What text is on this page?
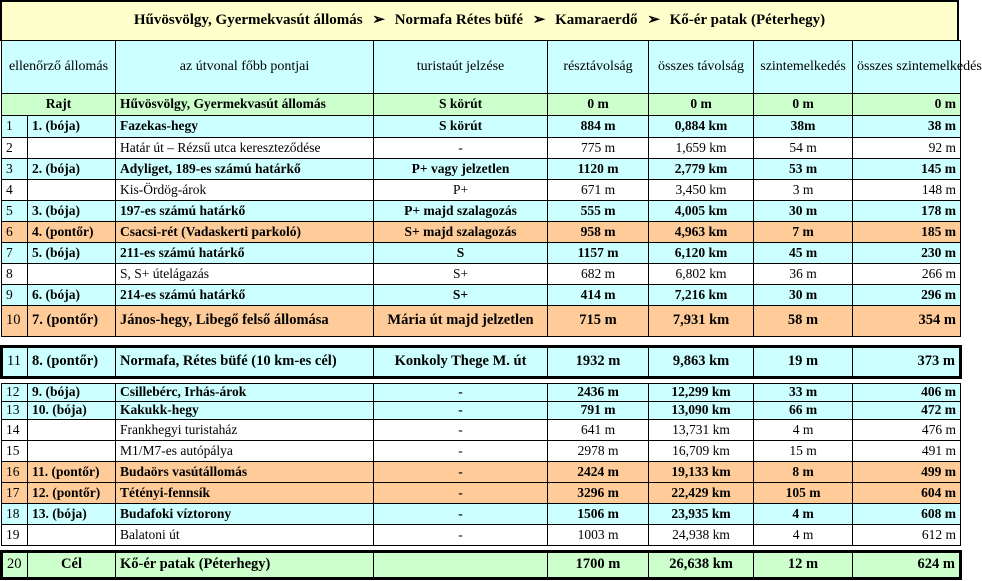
Hűvösvölgy, Gyermekvasút állomás ➢ Normafa Rétes büfé ➢ Kamaraerdő ➢ Kő-ér patak (Péterhegy)
ellenőrző állomás		az útvonal főbb pontjai	turistaút jelzése	résztávolság	összes távolság	szintemelkedés	összes szintemelkedés
Rajt		Hűvösvölgy, Gyermekvasút állomás	S körút	0 m	0 m	0 m	0 m
1	1. (bója)	Fazekas-hegy	S körút	884 m	0,884 km	38m	38 m
2		Határ út – Rézsű utca kereszteződése	-	775 m	1,659 km	54 m	92 m
3	2. (bója)	Adyliget, 189-es számú határkő	P+ vagy jelzetlen	1120 m	2,779 km	53 m	145 m
4		Kis-Ördög-árok	P+	671 m	3,450 km	3 m	148 m
5	3. (bója)	197-es számú határkő	P+ majd szalagozás	555 m	4,005 km	30 m	178 m
6	4. (pontőr)	Csacsi-rét (Vadaskerti parkoló)	S+ majd szalagozás	958 m	4,963 km	7 m	185 m
7	5. (bója)	211-es számú határkő	S	1157 m	6,120 km	45 m	230 m
8		S, S+ útelágazás	S+	682 m	6,802 km	36 m	266 m
9	6. (bója)	214-es számú határkő	S+	414 m	7,216 km	30 m	296 m
10	7. (pontőr)	János-hegy, Libegő felső állomása	Mária út majd jelzetlen	715 m	7,931 km	58 m	354 m

11	8. (pontőr)	Normafa, Rétes büfé (10 km-es cél)	Konkoly Thege M. út	1932 m	9,863 km	19 m	373 m

12	9. (bója)	Csillebérc, Irhás-árok	-	2436 m	12,299 km	33 m	406 m
13	10. (bója)	Kakukk-hegy	-	791 m	13,090 km	66 m	472 m
14		Frankhegyi turistaház	-	641 m	13,731 km	4 m	476 m
15		M1/M7-es autópálya	-	2978 m	16,709 km	15 m	491 m
16	11. (pontőr)	Budaörs vasútállomás	-	2424 m	19,133 km	8 m	499 m
17	12. (pontőr)	Tétényi-fennsík	-	3296 m	22,429 km	105 m	604 m
18	13. (bója)	Budafoki víztorony	-	1506 m	23,935 km	4 m	608 m
19		Balatoni út	-	1003 m	24,938 km	4 m	612 m

20	Cél	Kő-ér patak (Péterhegy)		1700 m	26,638 km	12 m	624 m
